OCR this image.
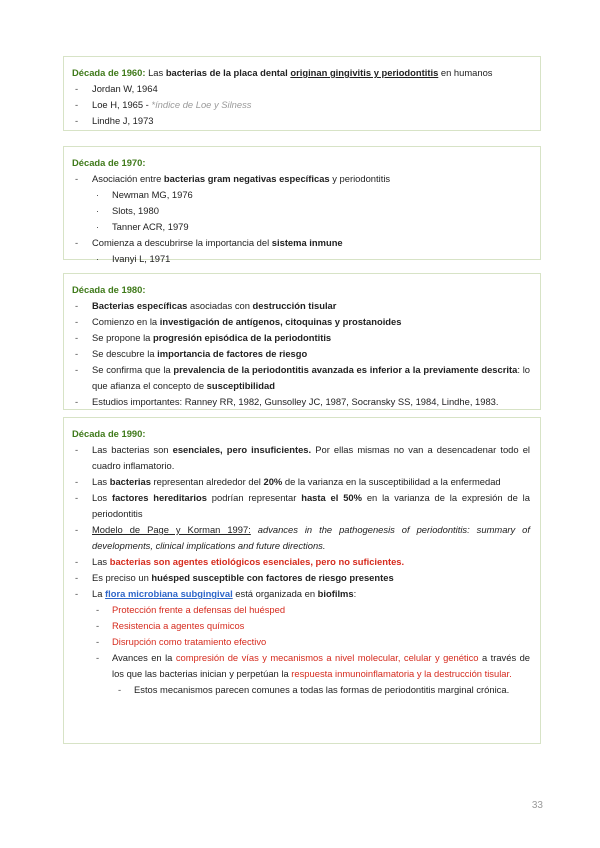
Década de 1960: Las bacterias de la placa dental originan gingivitis y periodontitis en humanos
- Jordan W, 1964
- Loe H, 1965 - *índice de Loe y Silness
- Lindhe J, 1973
Década de 1970:
- Asociación entre bacterias gram negativas específicas y periodontitis
· Newman MG, 1976
· Slots, 1980
· Tanner ACR, 1979
- Comienza a descubrirse la importancia del sistema inmune
· Ivanyi L, 1971
Década de 1980:
- Bacterias específicas asociadas con destrucción tisular
- Comienzo en la investigación de antígenos, citoquinas y prostanoides
- Se propone la progresión episódica de la periodontitis
- Se descubre la importancia de factores de riesgo
- Se confirma que la prevalencia de la periodontitis avanzada es inferior a la previamente descrita: lo que afianza el concepto de susceptibilidad
- Estudios importantes: Ranney RR, 1982, Gunsolley JC, 1987, Socransky SS, 1984, Lindhe, 1983.
Década de 1990:
- Las bacterias son esenciales, pero insuficientes. Por ellas mismas no van a desencadenar todo el cuadro inflamatorio.
- Las bacterias representan alrededor del 20% de la varianza en la susceptibilidad a la enfermedad
- Los factores hereditarios podrían representar hasta el 50% en la varianza de la expresión de la periodontitis
- Modelo de Page y Korman 1997: advances in the pathogenesis of periodontitis: summary of developments, clinical implications and future directions.
- Las bacterias son agentes etiológicos esenciales, pero no suficientes.
- Es preciso un huésped susceptible con factores de riesgo presentes
- La flora microbiana subgingival está organizada en biofilms:
- Protección frente a defensas del huésped
- Resistencia a agentes químicos
- Disrupción como tratamiento efectivo
- Avances en la compresión de vías y mecanismos a nivel molecular, celular y genético a través de los que las bacterias inician y perpetúan la respuesta inmunoinflamatoria y la destrucción tisular.
- Estos mecanismos parecen comunes a todas las formas de periodontitis marginal crónica.
33
